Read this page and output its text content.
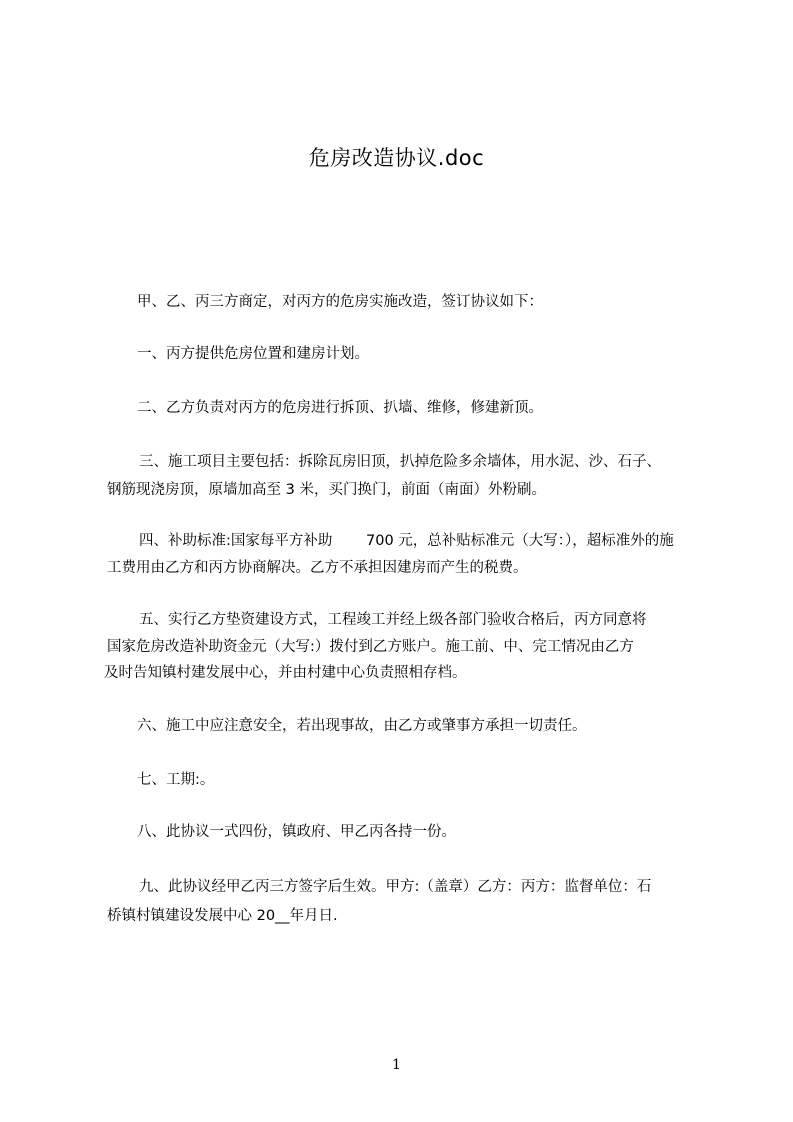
危房改造协议.doc
甲、乙、丙三方商定，对丙方的危房实施改造，签订协议如下：
一、丙方提供危房位置和建房计划。
二、乙方负责对丙方的危房进行拆顶、扒墙、维修，修建新顶。
三、施工项目主要包括：拆除瓦房旧顶，扒掉危险多余墙体，用水泥、沙、石子、
钢筋现浇房顶，原墙加高至 3 米，买门换门，前面（南面）外粉刷。
四、补助标准:国家每平方补助 700 元，总补贴标准元（大写：），超标准外的施
工费用由乙方和丙方协商解决。乙方不承担因建房而产生的税费。
五、实行乙方垫资建设方式，工程竣工并经上级各部门验收合格后，丙方同意将
国家危房改造补助资金元（大写:）拨付到乙方账户。施工前、中、完工情况由乙方
及时告知镇村建发展中心，并由村建中心负责照相存档。
六、施工中应注意安全，若出现事故，由乙方或肇事方承担一切责任。
七、工期:。
八、此协议一式四份，镇政府、甲乙丙各持一份。
九、此协议经甲乙丙三方签字后生效。甲方:（盖章）乙方：丙方：监督单位：石
桥镇村镇建设发展中心 20__年月日.
1
